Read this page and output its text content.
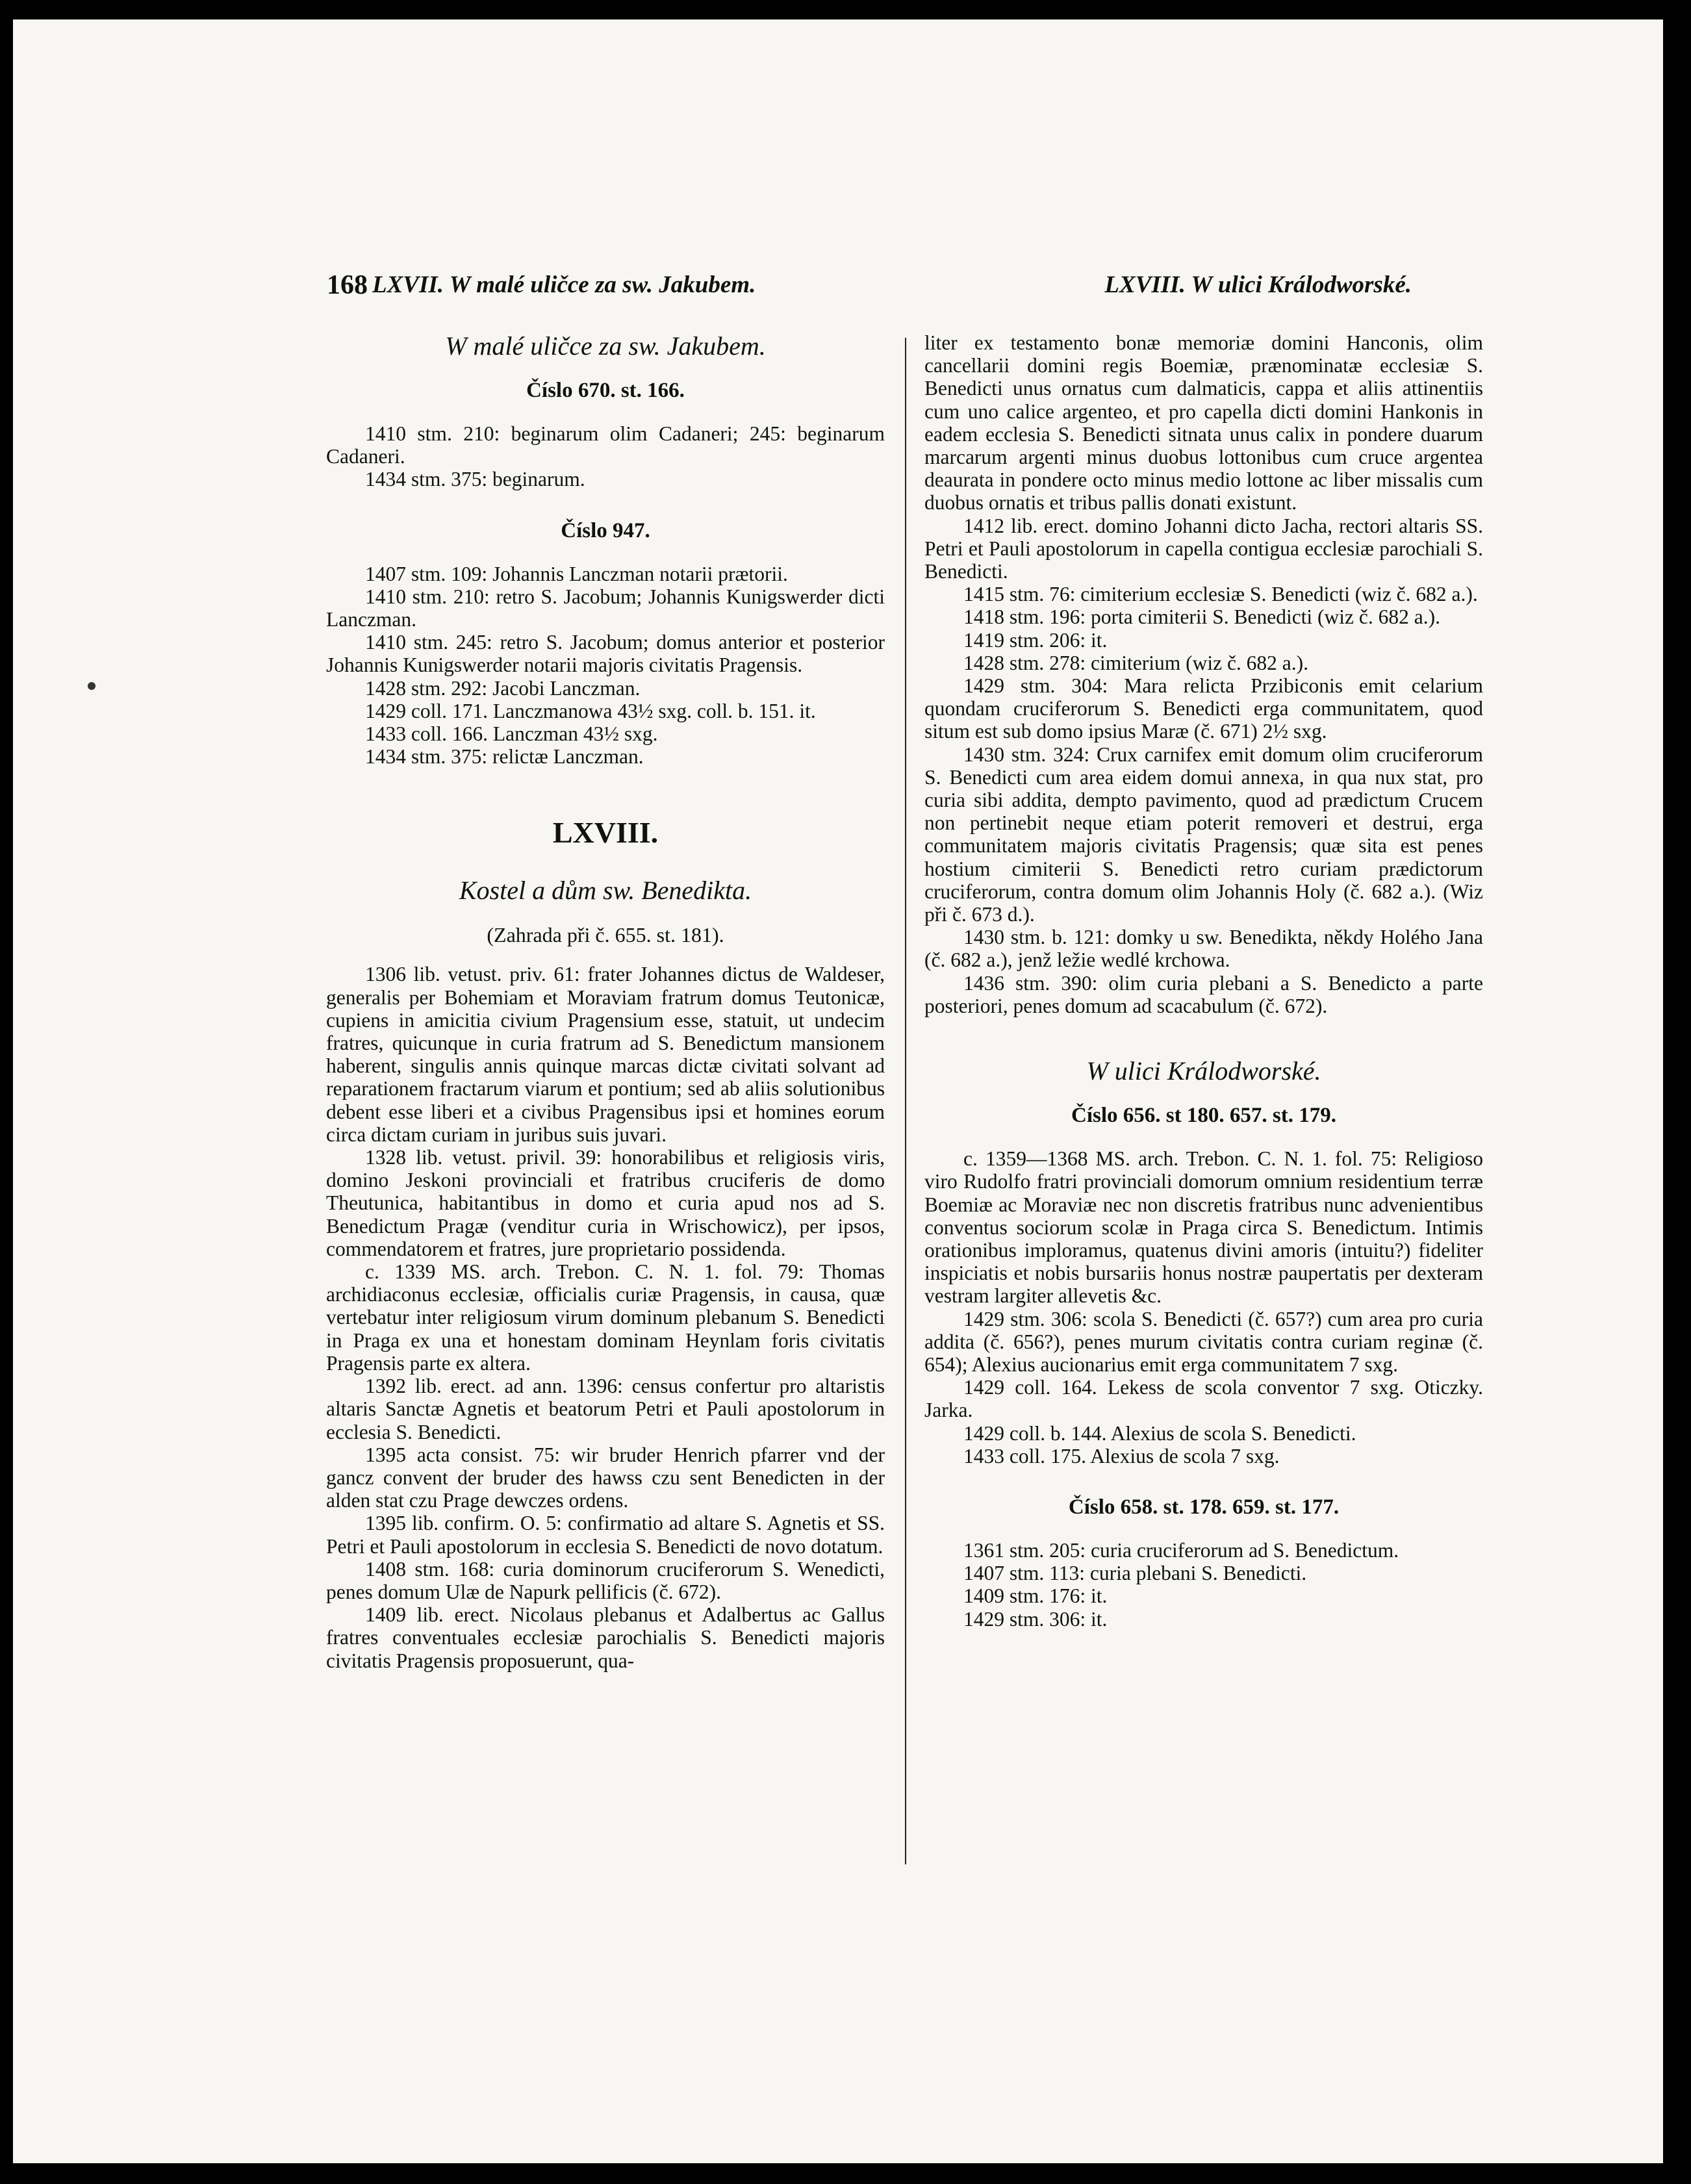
168 LXVII. W malé uličce za sw. Jakubem.	LXVIII. W ulici Králodworské.
W malé uličce za sw. Jakubem.
Číslo 670. st. 166.

1410 stm. 210: beginarum olim Cadaneri; 245: beginarum Cadaneri.

1434 stm. 375: beginarum.

Číslo 947.

1407 stm. 109: Johannis Lanczman notarii prætorii.

1410 stm. 210: retro S. Jacobum; Johannis Kunigswerder dicti Lanczman.

1410 stm. 245: retro S. Jacobum; domus anterior et posterior Johannis Kunigswerder notarii majoris civitatis Pragensis.

1428 stm. 292: Jacobi Lanczman.

1429 coll. 171. Lanczmanowa 43½ sxg. coll. b. 151. it.

1433 coll. 166. Lanczman 43½ sxg.

1434 stm. 375: relictæ Lanczman.

LXVIII.
Kostel a dům sw. Benedikta.
(Zahrada při č. 655. st. 181).

1306 lib. vetust. priv. 61: frater Johannes dictus de Waldeser, generalis per Bohemiam et Moraviam fratrum domus Teutonicæ, cupiens in amicitia civium Pragensium esse, statuit, ut undecim fratres, quicunque in curia fratrum ad S. Benedictum mansionem haberent, singulis annis quinque marcas dictæ civitati solvant ad reparationem fractarum viarum et pontium; sed ab aliis solutionibus debent esse liberi et a civibus Pragensibus ipsi et homines eorum circa dictam curiam in juribus suis juvari.

1328 lib. vetust. privil. 39: honorabilibus et religiosis viris, domino Jeskoni provinciali et fratribus cruciferis de domo Theutunica, habitantibus in domo et curia apud nos ad S. Benedictum Pragæ (venditur curia in Wrischowicz), per ipsos, commendatorem et fratres, jure proprietario possidenda.

c. 1339 MS. arch. Trebon. C. N. 1. fol. 79: Thomas archidiaconus ecclesiæ, officialis curiæ Pragensis, in causa, quæ vertebatur inter religiosum virum dominum plebanum S. Benedicti in Praga ex una et honestam dominam Heynlam foris civitatis Pragensis parte ex altera.

1392 lib. erect. ad ann. 1396: census confertur pro altaristis altaris Sanctæ Agnetis et beatorum Petri et Pauli apostolorum in ecclesia S. Benedicti.

1395 acta consist. 75: wir bruder Henrich pfarrer vnd der gancz convent der bruder des hawss czu sent Benedicten in der alden stat czu Prage dewczes ordens.

1395 lib. confirm. O. 5: confirmatio ad altare S. Agnetis et SS. Petri et Pauli apostolorum in ecclesia S. Benedicti de novo dotatum.

1408 stm. 168: curia dominorum cruciferorum S. Wenedicti, penes domum Ulæ de Napurk pellificis (č. 672).

1409 lib. erect. Nicolaus plebanus et Adalbertus ac Gallus fratres conventuales ecclesiæ parochialis S. Benedicti majoris civitatis Pragensis proposuerunt, qua-

liter ex testamento bonæ memoriæ domini Hanconis, olim cancellarii domini regis Boemiæ, prænominatæ ecclesiæ S. Benedicti unus ornatus cum dalmaticis, cappa et aliis attinentiis cum uno calice argenteo, et pro capella dicti domini Hankonis in eadem ecclesia S. Benedicti sitnata unus calix in pondere duarum marcarum argenti minus duobus lottonibus cum cruce argentea deaurata in pondere octo minus medio lottone ac liber missalis cum duobus ornatis et tribus pallis donati existunt.

1412 lib. erect. domino Johanni dicto Jacha, rectori altaris SS. Petri et Pauli apostolorum in capella contigua ecclesiæ parochiali S. Benedicti.

1415 stm. 76: cimiterium ecclesiæ S. Benedicti (wiz č. 682 a.).

1418 stm. 196: porta cimiterii S. Benedicti (wiz č. 682 a.).

1419 stm. 206: it.

1428 stm. 278: cimiterium (wiz č. 682 a.).

1429 stm. 304: Mara relicta Przibiconis emit celarium quondam cruciferorum S. Benedicti erga communitatem, quod situm est sub domo ipsius Maræ (č. 671) 2½ sxg.

1430 stm. 324: Crux carnifex emit domum olim cruciferorum S. Benedicti cum area eidem domui annexa, in qua nux stat, pro curia sibi addita, dempto pavimento, quod ad prædictum Crucem non pertinebit neque etiam poterit removeri et destrui, erga communitatem majoris civitatis Pragensis; quæ sita est penes hostium cimiterii S. Benedicti retro curiam prædictorum cruciferorum, contra domum olim Johannis Holy (č. 682 a.). (Wiz při č. 673 d.).

1430 stm. b. 121: domky u sw. Benedikta, někdy Holého Jana (č. 682 a.), jenž ležie wedlé krchowa.

1436 stm. 390: olim curia plebani a S. Benedicto a parte posteriori, penes domum ad scacabulum (č. 672).

W ulici Králodworské.
Číslo 656. st 180. 657. st. 179.

c. 1359—1368 MS. arch. Trebon. C. N. 1. fol. 75: Religioso viro Rudolfo fratri provinciali domorum omnium residentium terræ Boemiæ ac Moraviæ nec non discretis fratribus nunc advenientibus conventus sociorum scolæ in Praga circa S. Benedictum. Intimis orationibus imploramus, quatenus divini amoris (intuitu?) fideliter inspiciatis et nobis bursariis honus nostræ paupertatis per dexteram vestram largiter allevetis &c.

1429 stm. 306: scola S. Benedicti (č. 657?) cum area pro curia addita (č. 656?), penes murum civitatis contra curiam reginæ (č. 654); Alexius aucionarius emit erga communitatem 7 sxg.

1429 coll. 164. Lekess de scola conventor 7 sxg. Oticzky. Jarka.

1429 coll. b. 144. Alexius de scola S. Benedicti.

1433 coll. 175. Alexius de scola 7 sxg.

Číslo 658. st. 178. 659. st. 177.

1361 stm. 205: curia cruciferorum ad S. Benedictum.

1407 stm. 113: curia plebani S. Benedicti.

1409 stm. 176: it.

1429 stm. 306: it.
